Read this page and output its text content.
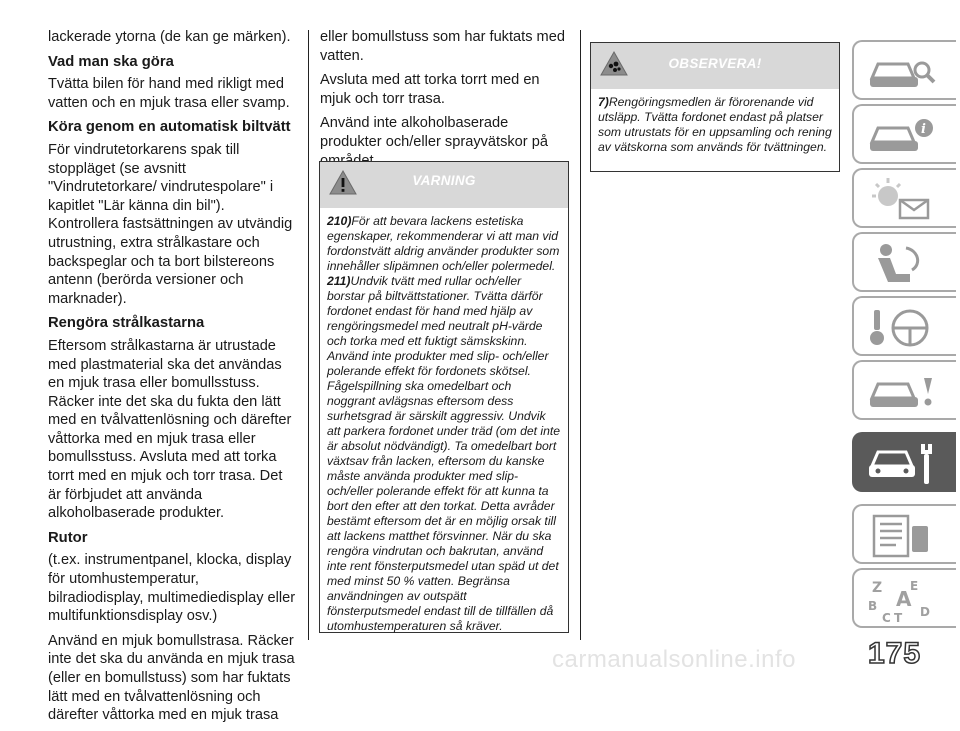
lackerade ytorna (de kan ge märken).

Vad man ska göra

Tvätta bilen för hand med rikligt med vatten och en mjuk trasa eller svamp.

Köra genom en automatisk biltvätt

För vindrutetorkarens spak till stoppläget (se avsnitt "Vindrutetorkare/ vindrutespolare" i kapitlet "Lär känna din bil"). Kontrollera fastsättningen av utvändig utrustning, extra strålkastare och backspeglar och ta bort bilstereons antenn (berörda versioner och marknader).

Rengöra strålkastarna

Eftersom strålkastarna är utrustade med plastmaterial ska det användas en mjuk trasa eller bomullsstuss. Räcker inte det ska du fukta den lätt med en tvålvattenlösning och därefter våttorka med en mjuk trasa eller bomullsstuss. Avsluta med att torka torrt med en mjuk och torr trasa. Det är förbjudet att använda alkoholbaserade produkter.

Rutor

(t.ex. instrumentpanel, klocka, display för utomhustemperatur, bilradiodisplay, multimediedisplay eller multifunktionsdisplay osv.)

Använd en mjuk bomullstrasa. Räcker inte det ska du använda en mjuk trasa (eller en bomullstuss) som har fuktats lätt med en tvålvattenlösning och därefter våttorka med en mjuk trasa

eller bomullstuss som har fuktats med vatten.

Avsluta med att torka torrt med en mjuk och torr trasa.

Använd inte alkoholbaserade produkter och/eller sprayvätskor på

VARNING

210)För att bevara lackens estetiska egenskaper, rekommenderar vi att man vid fordonstvätt aldrig använder produkter som innehåller slipämnen och/eller polermedel.

211)Undvik tvätt med rullar och/eller borstar på biltvättstationer. Tvätta därför fordonet endast för hand med hjälp av rengöringsmedel med neutralt pH-värde och torka med ett fuktigt sämskskinn. Använd inte produkter med slip- och/eller polerande effekt för fordonets skötsel. Fågelspillning ska omedelbart och noggrant avlägsnas eftersom dess surhetsgrad är särskilt aggressiv. Undvik att parkera fordonet under träd (om det inte är absolut nödvändigt). Ta omedelbart bort växtsav från lacken, eftersom du kanske måste använda produkter med slip- och/eller polerande effekt för att kunna ta bort den efter att den torkat. Detta avråder bestämt eftersom det är en möjlig orsak till att lackens matthet försvinner. När du ska rengöra vindrutan och bakrutan, använd inte rent fönsterputsmedel utan späd ut det med minst 50 % vatten. Begränsa användningen av outspätt fönsterputsmedel endast till de tillfällen då utomhustemperaturen så kräver.

OBSERVERA!

7)Rengöringsmedlen är förorenande vid utsläpp. Tvätta fordonet endast på platser som utrustats för en uppsamling och rening av vätskorna som används för tvättningen.

i
Z E
B A
C T D
carmanualsonline.info 175
